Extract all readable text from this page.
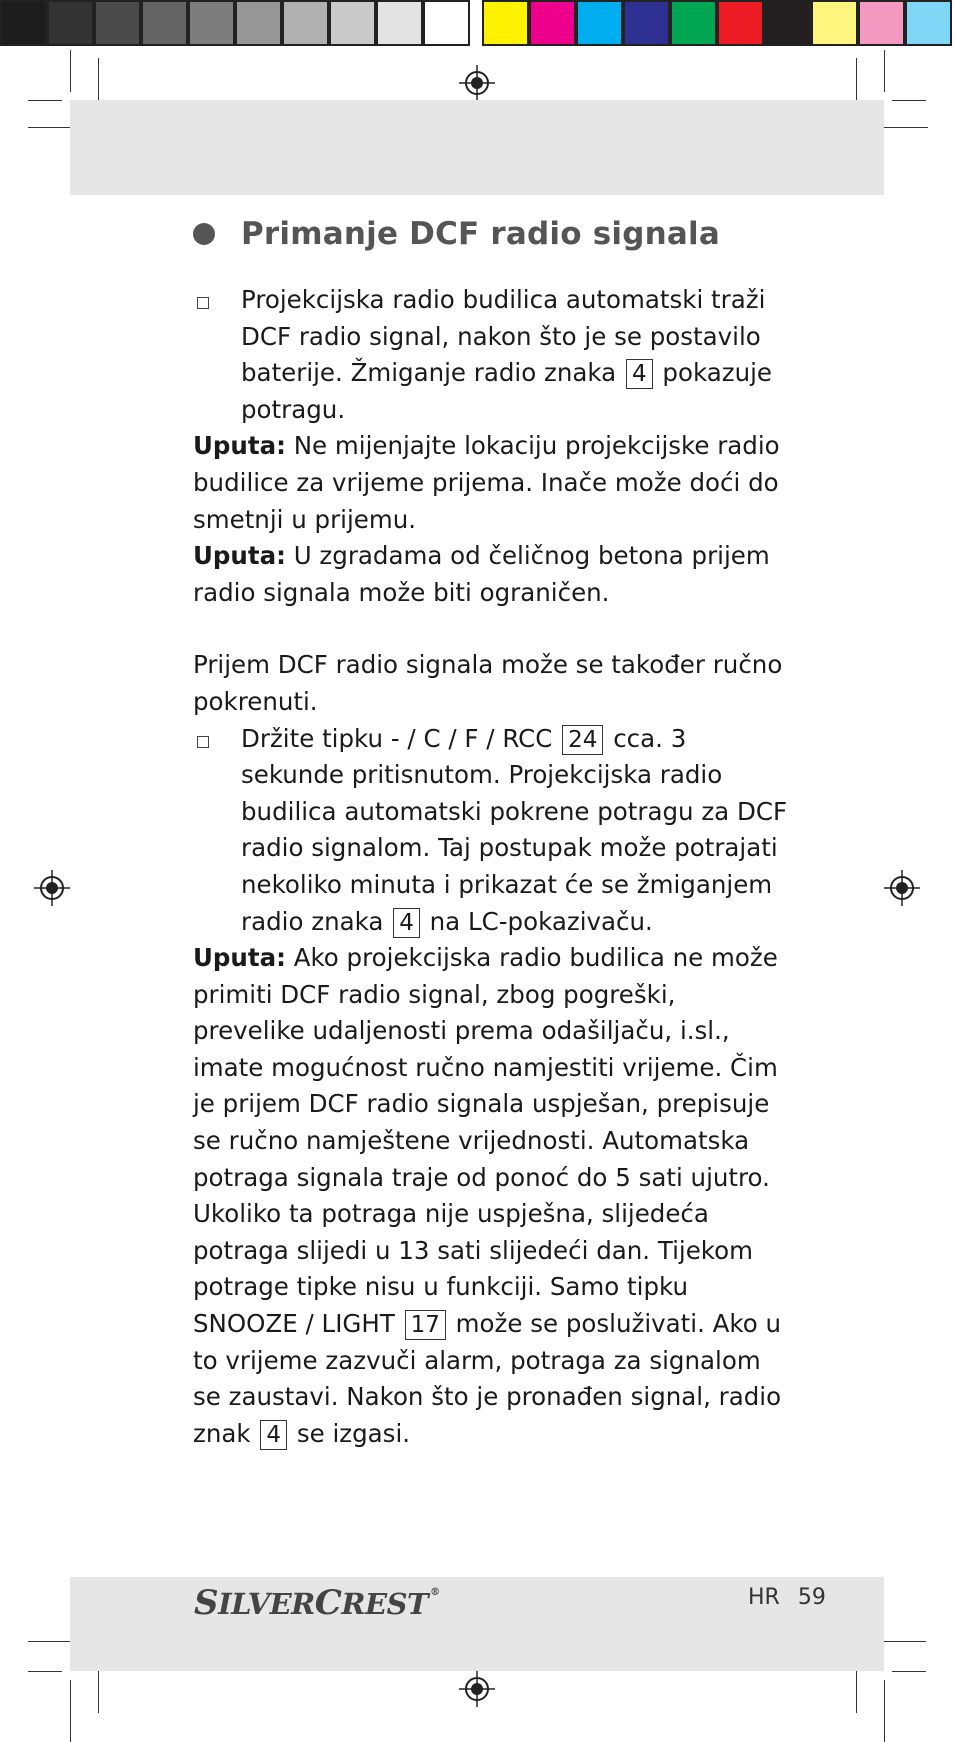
Primanje DCF radio signala
Projekcijska radio budilica automatski traži DCF radio signal, nakon što je se postavilo baterije. Žmiganje radio znaka 4 pokazuje potragu.

Uputa: Ne mijenjajte lokaciju projekcijske radio budilice za vrijeme prijema. Inače može doći do smetnji u prijemu.

Uputa: U zgradama od čeličnog betona prijem radio signala može biti ograničen.

Prijem DCF radio signala može se također ručno pokrenuti.

Držite tipku - / C / F / RCC 24 cca. 3 sekunde pritisnutom. Projekcijska radio budilica automatski pokrene potragu za DCF radio signalom. Taj postupak može potrajati nekoliko minuta i prikazat će se žmiganjem radio znaka 4 na LC-pokazivaču.

Uputa: Ako projekcijska radio budilica ne može primiti DCF radio signal, zbog pogreški, prevelike udaljenosti prema odašiljaču, i.sl., imate mogućnost ručno namjestiti vrijeme. Čim je prijem DCF radio signala uspješan, prepisuje se ručno namještene vrijednosti. Automatska potraga signala traje od ponoć do 5 sati ujutro. Ukoliko ta potraga nije uspješna, slijedeća potraga slijedi u 13 sati slijedeći dan. Tijekom potrage tipke nisu u funkciji. Samo tipku SNOOZE / LIGHT 17 može se posluživati. Ako u to vrijeme zazvuči alarm, potraga za signalom se zaustavi. Nakon što je pronađen signal, radio znak 4 se izgasi.

SILVERCREST ®	HR 59
